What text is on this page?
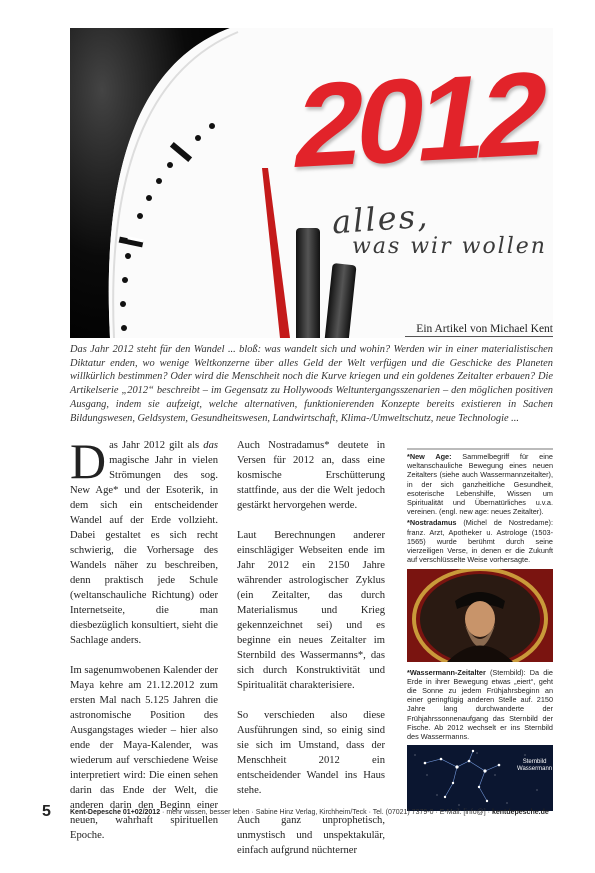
2012
alles,
was wir wollen
Ein Artikel von Michael Kent
Das Jahr 2012 steht für den Wandel ... bloß: was wandelt sich und wohin? Werden wir in einer materialistischen Diktatur enden, wo wenige Weltkonzerne über alles Geld der Welt verfügen und die Geschicke des Planeten willkürlich bestimmen? Oder wird die Menschheit noch die Kurve kriegen und ein goldenes Zeitalter erbauen? Die Artikelserie „2012“ beschreibt – im Gegensatz zu Hollywoods Weltuntergangsszenarien – den möglichen positiven Ausgang, indem sie aufzeigt, welche alternativen, funktionierenden Konzepte bereits existieren in Sachen Bildungswesen, Geldsystem, Gesundheitswesen, Landwirtschaft, Klima-/Umweltschutz, neue Technologie ...

Das Jahr 2012 gilt als das magische Jahr in vielen Strömungen des sog. New Age* und der Esoterik, in dem sich ein entscheidender Wandel auf der Erde vollzieht. Dabei gestaltet es sich recht schwierig, die Vorhersage des Wandels näher zu beschreiben, denn praktisch jede Schule (weltanschauliche Richtung) oder Internetseite, die man diesbezüglich konsultiert, sieht die Sachlage anders.

Im sagenumwobenen Kalender der Maya kehre am 21.12.2012 zum ersten Mal nach 5.125 Jahren die astronomische Position des Ausgangstages wieder – hier also ende der Maya-Kalender, was wiederum auf verschiedene Weise interpretiert wird: Die einen sehen darin das Ende der Welt, die anderen darin den Beginn einer neuen, wahrhaft spirituellen Epoche.

Auch Nostradamus* deutete in Versen für 2012 an, dass eine kosmische Erschütterung stattfinde, aus der die Welt jedoch gestärkt hervorgehen werde.

Laut Berechnungen anderer einschlägiger Webseiten ende im Jahr 2012 ein 2150 Jahre währender astrologischer Zyklus (ein Zeitalter, das durch Materialismus und Krieg gekennzeichnet sei) und es beginne ein neues Zeitalter im Sternbild des Wassermanns*, das sich durch Konstruktivität und Spiritualität charakterisiere.

So verschieden also diese Ausführungen sind, so einig sind sie sich im Umstand, dass der Menschheit 2012 ein entscheidender Wandel ins Haus stehe.

Auch ganz unprophetisch, unmystisch und unspektakulär, einfach aufgrund nüchterner

*New Age: Sammelbegriff für eine weltanschauliche Bewegung eines neuen Zeitalters (siehe auch Wassermannzeitalter), in der sich ganzheitliche Gesundheit, esoterische Lebenshilfe, Wissen um Spiritualität und Übernatürliches u.v.a. vereinen. (engl. new age: neues Zeitalter).
*Nostradamus (Michel de Nostredame): franz. Arzt, Apotheker u. Astrologe (1503-1565) wurde berühmt durch seine vierzeiligen Verse, in denen er die Zukunft auf verschlüsselte Weise vorhersagte.
*Wassermann-Zeitalter (Sternbild): Da die Erde in ihrer Bewegung etwas „eiert“, geht die Sonne zu jedem Frühjahrsbeginn an einer geringfügig anderen Stelle auf. 2150 Jahre lang durchwanderte der Frühjahrssonnenaufgang das Sternbild der Fische. Ab 2012 wechselt er ins Sternbild des Wassermanns.
Sternbild
Wassermann
5	Kent-Depesche 01+02/2012 · mehr wissen, besser leben · Sabine Hinz Verlag, Kirchheim/Teck · Tel. (07021) 7379-0 · E-Mail: [info@] · kentdepesche.de
